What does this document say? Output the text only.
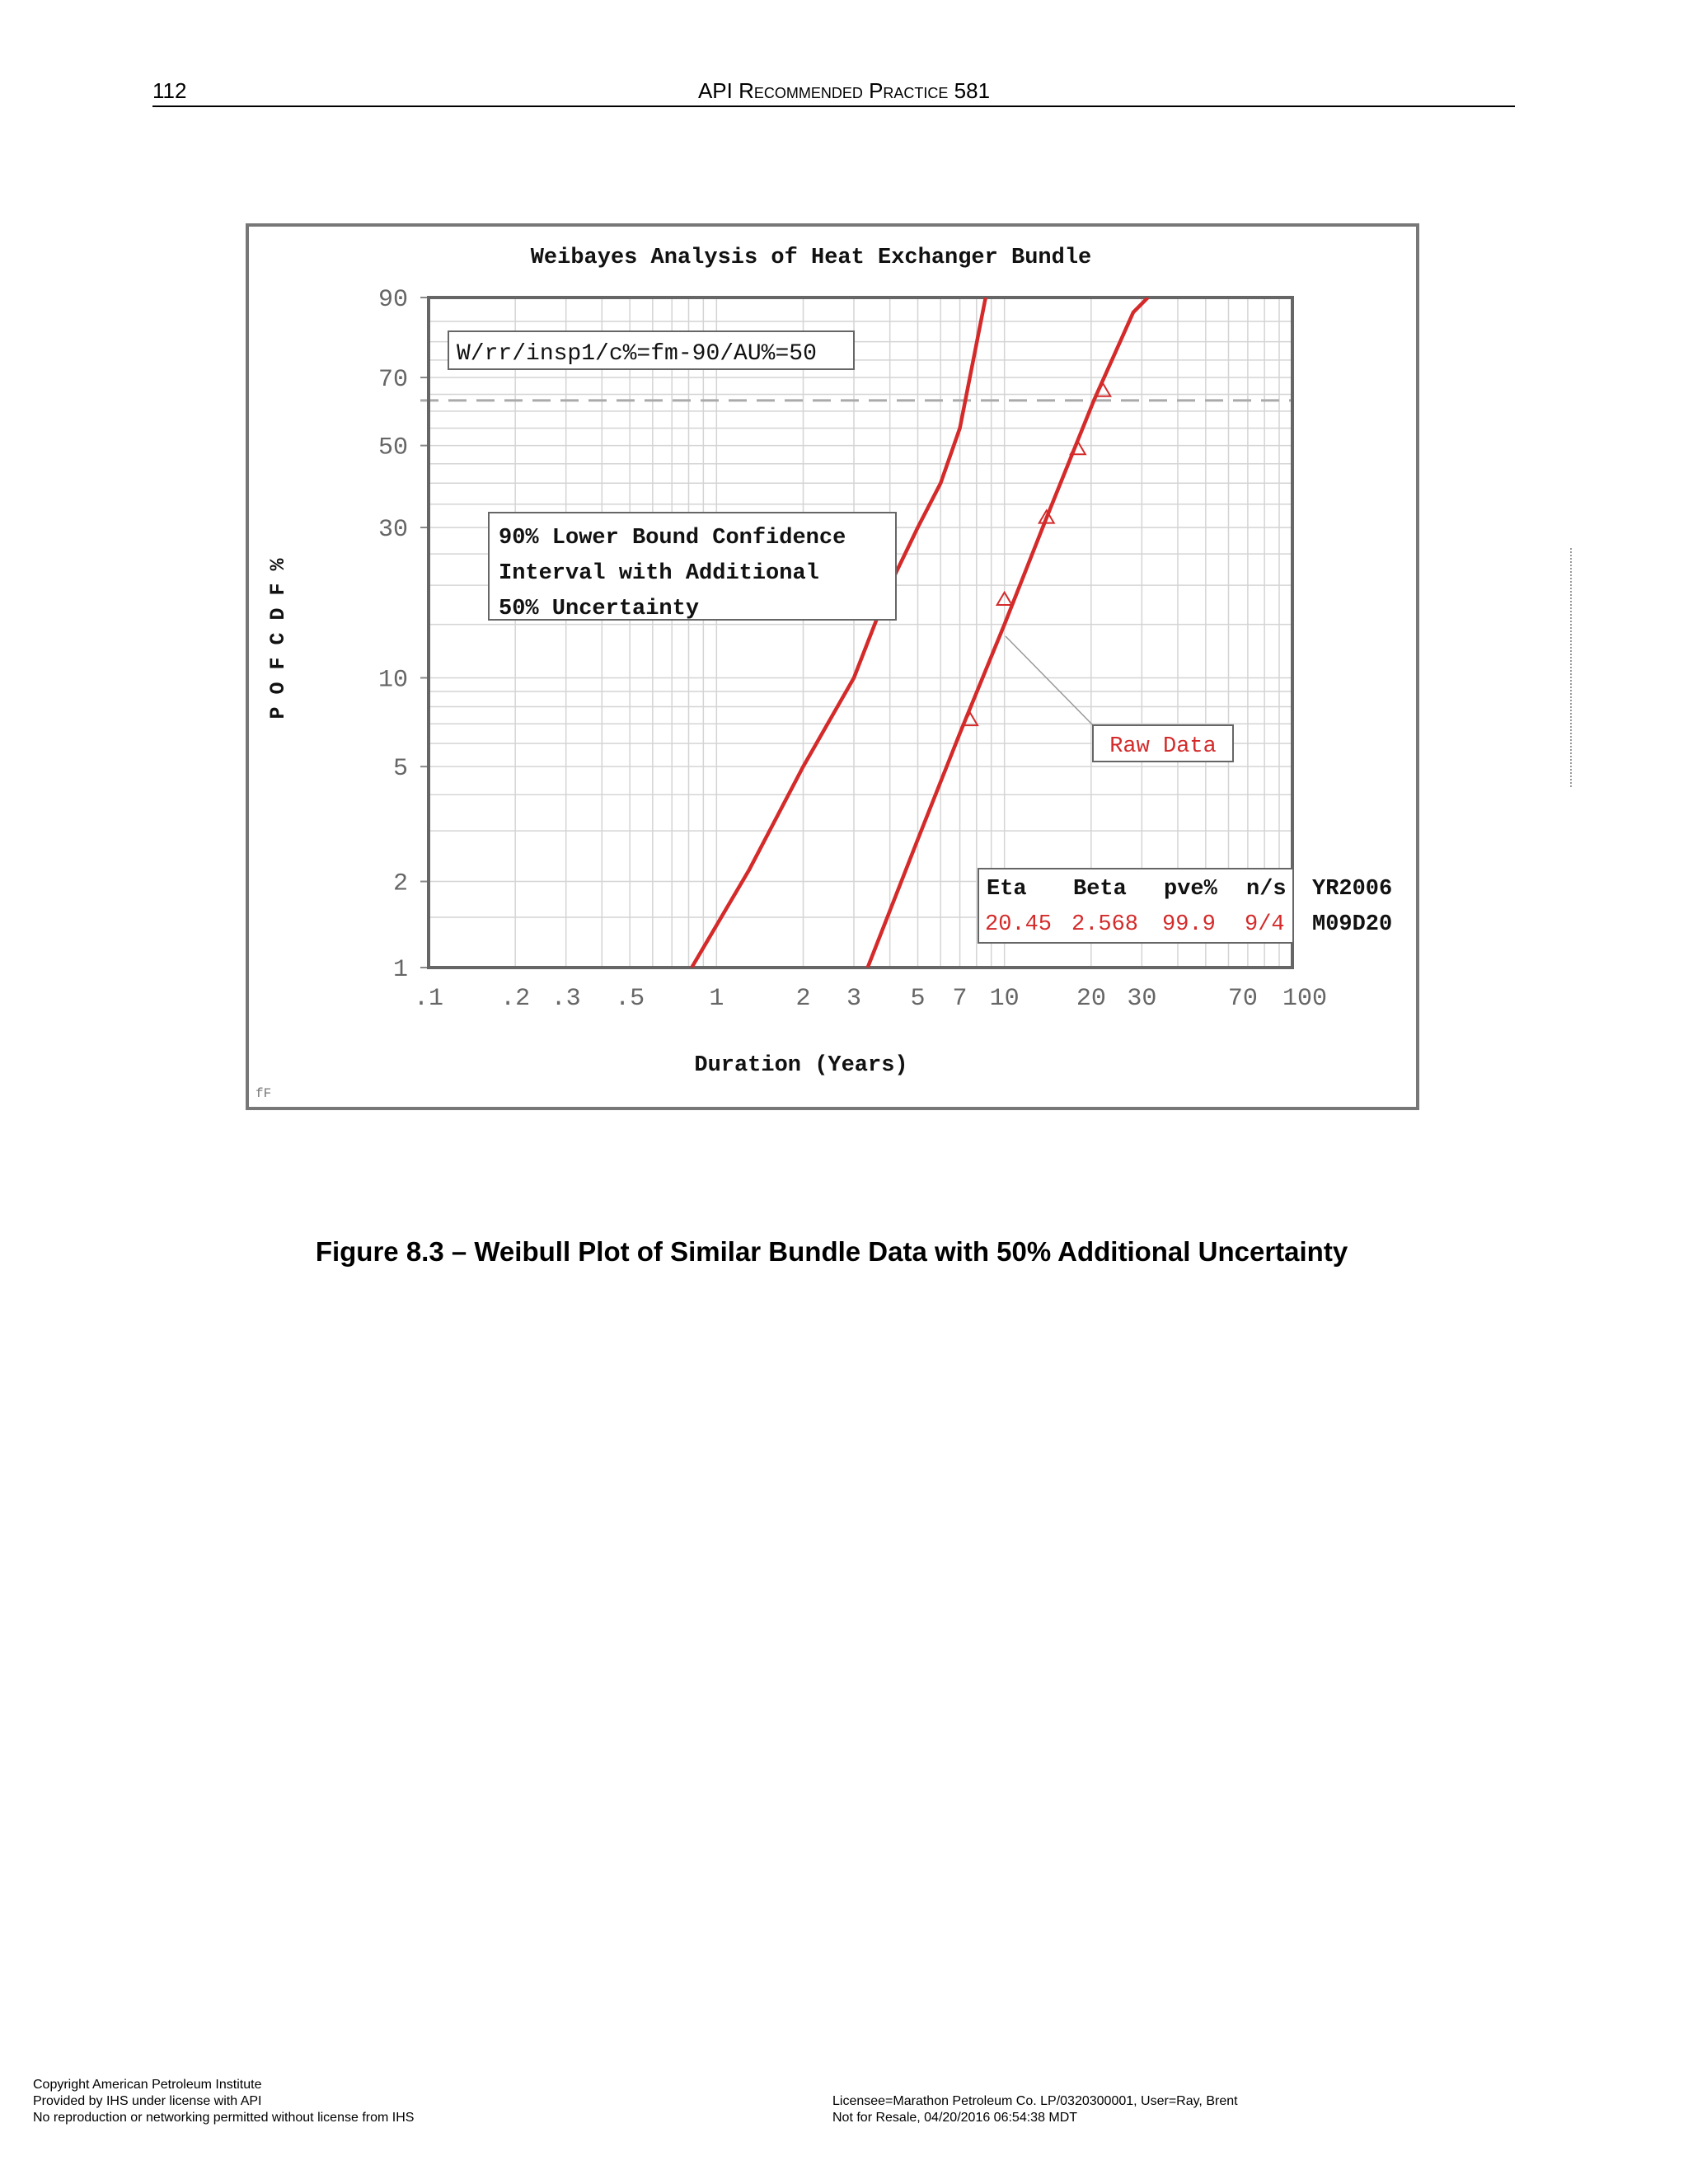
112	API Recommended Practice 581
1
2
5
10
30
50
70
90
.1 .2 .3 .5	1	2 3 5 7 10 20 30	70 100
Weibayes Analysis of Heat Exchanger Bundle
Duration (Years)
P O F C D F %
W/rr/insp1/c%=fm-90/AU%=50
90% Lower Bound Confidence
Interval with Additional
50% Uncertainty
Raw Data
Eta Beta pve% n/s
20.45 2.568 99.9 9/4
YR2006
M09D20
fF
Figure 8.3 – Weibull Plot of Similar Bundle Data with 50% Additional Uncertainty
Copyright American Petroleum Institute
Provided by IHS under license with API
No reproduction or networking permitted without license from IHS
Licensee=Marathon Petroleum Co. LP/0320300001, User=Ray, Brent
Not for Resale, 04/20/2016 06:54:38 MDT
